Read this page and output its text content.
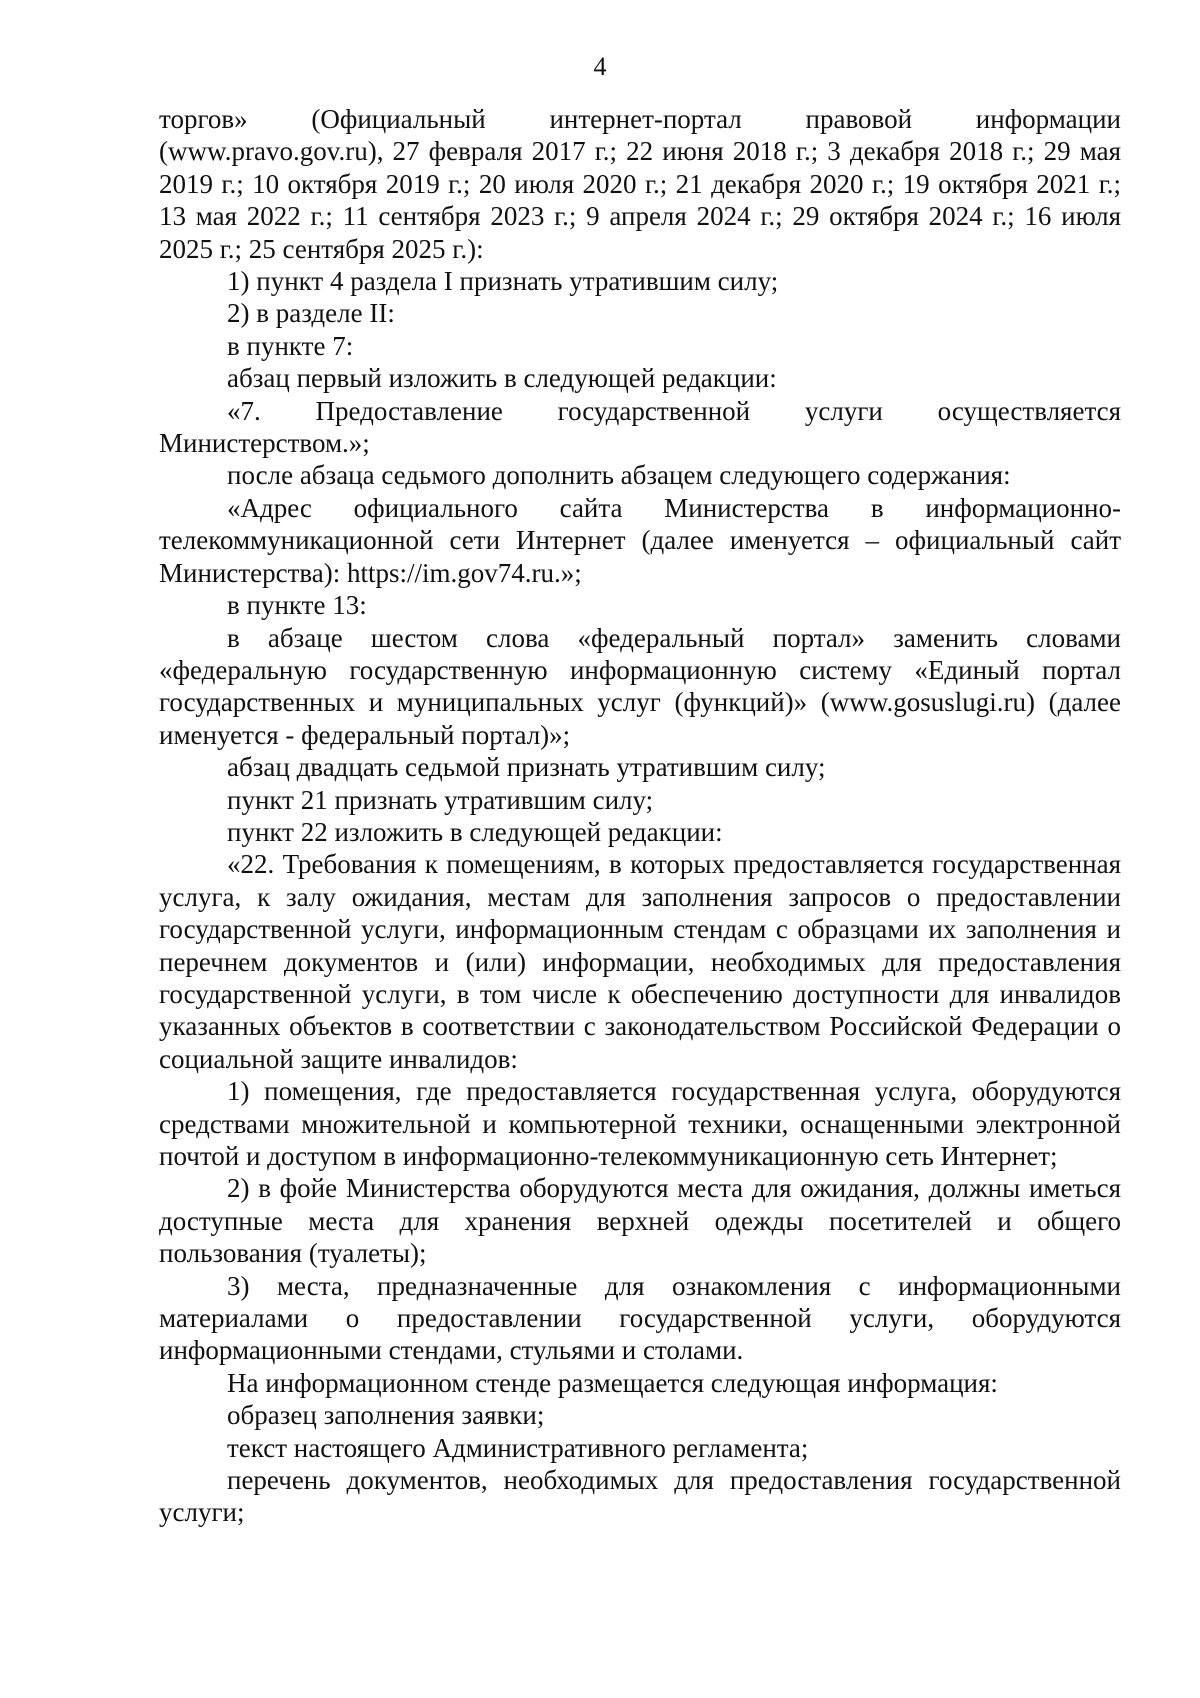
4

торгов» (Официальный интернет-портал правовой информации (www.pravo.gov.ru), 27 февраля 2017 г.; 22 июня 2018 г.; 3 декабря 2018 г.; 29 мая 2019 г.; 10 октября 2019 г.; 20 июля 2020 г.; 21 декабря 2020 г.; 19 октября 2021 г.; 13 мая 2022 г.; 11 сентября 2023 г.; 9 апреля 2024 г.; 29 октября 2024 г.; 16 июля 2025 г.; 25 сентября 2025 г.):

1) пункт 4 раздела I признать утратившим силу;

2) в разделе II:

в пункте 7:

абзац первый изложить в следующей редакции:

«7. Предоставление государственной услуги осуществляется Министерством.»;

после абзаца седьмого дополнить абзацем следующего содержания:

«Адрес официального сайта Министерства в информационно-телекоммуникационной сети Интернет (далее именуется – официальный сайт Министерства): https://im.gov74.ru.»;

в пункте 13:

в абзаце шестом слова «федеральный портал» заменить словами «федеральную государственную информационную систему «Единый портал государственных и муниципальных услуг (функций)» (www.gosuslugi.ru) (далее именуется - федеральный портал)»;

абзац двадцать седьмой признать утратившим силу;

пункт 21 признать утратившим силу;

пункт 22 изложить в следующей редакции:

«22. Требования к помещениям, в которых предоставляется государственная услуга, к залу ожидания, местам для заполнения запросов о предоставлении государственной услуги, информационным стендам с образцами их заполнения и перечнем документов и (или) информации, необходимых для предоставления государственной услуги, в том числе к обеспечению доступности для инвалидов указанных объектов в соответствии с законодательством Российской Федерации о социальной защите инвалидов:

1) помещения, где предоставляется государственная услуга, оборудуются средствами множительной и компьютерной техники, оснащенными электронной почтой и доступом в информационно-телекоммуникационную сеть Интернет;

2) в фойе Министерства оборудуются места для ожидания, должны иметься доступные места для хранения верхней одежды посетителей и общего пользования (туалеты);

3) места, предназначенные для ознакомления с информационными материалами о предоставлении государственной услуги, оборудуются информационными стендами, стульями и столами.

На информационном стенде размещается следующая информация:

образец заполнения заявки;

текст настоящего Административного регламента;

перечень документов, необходимых для предоставления государственной услуги;
